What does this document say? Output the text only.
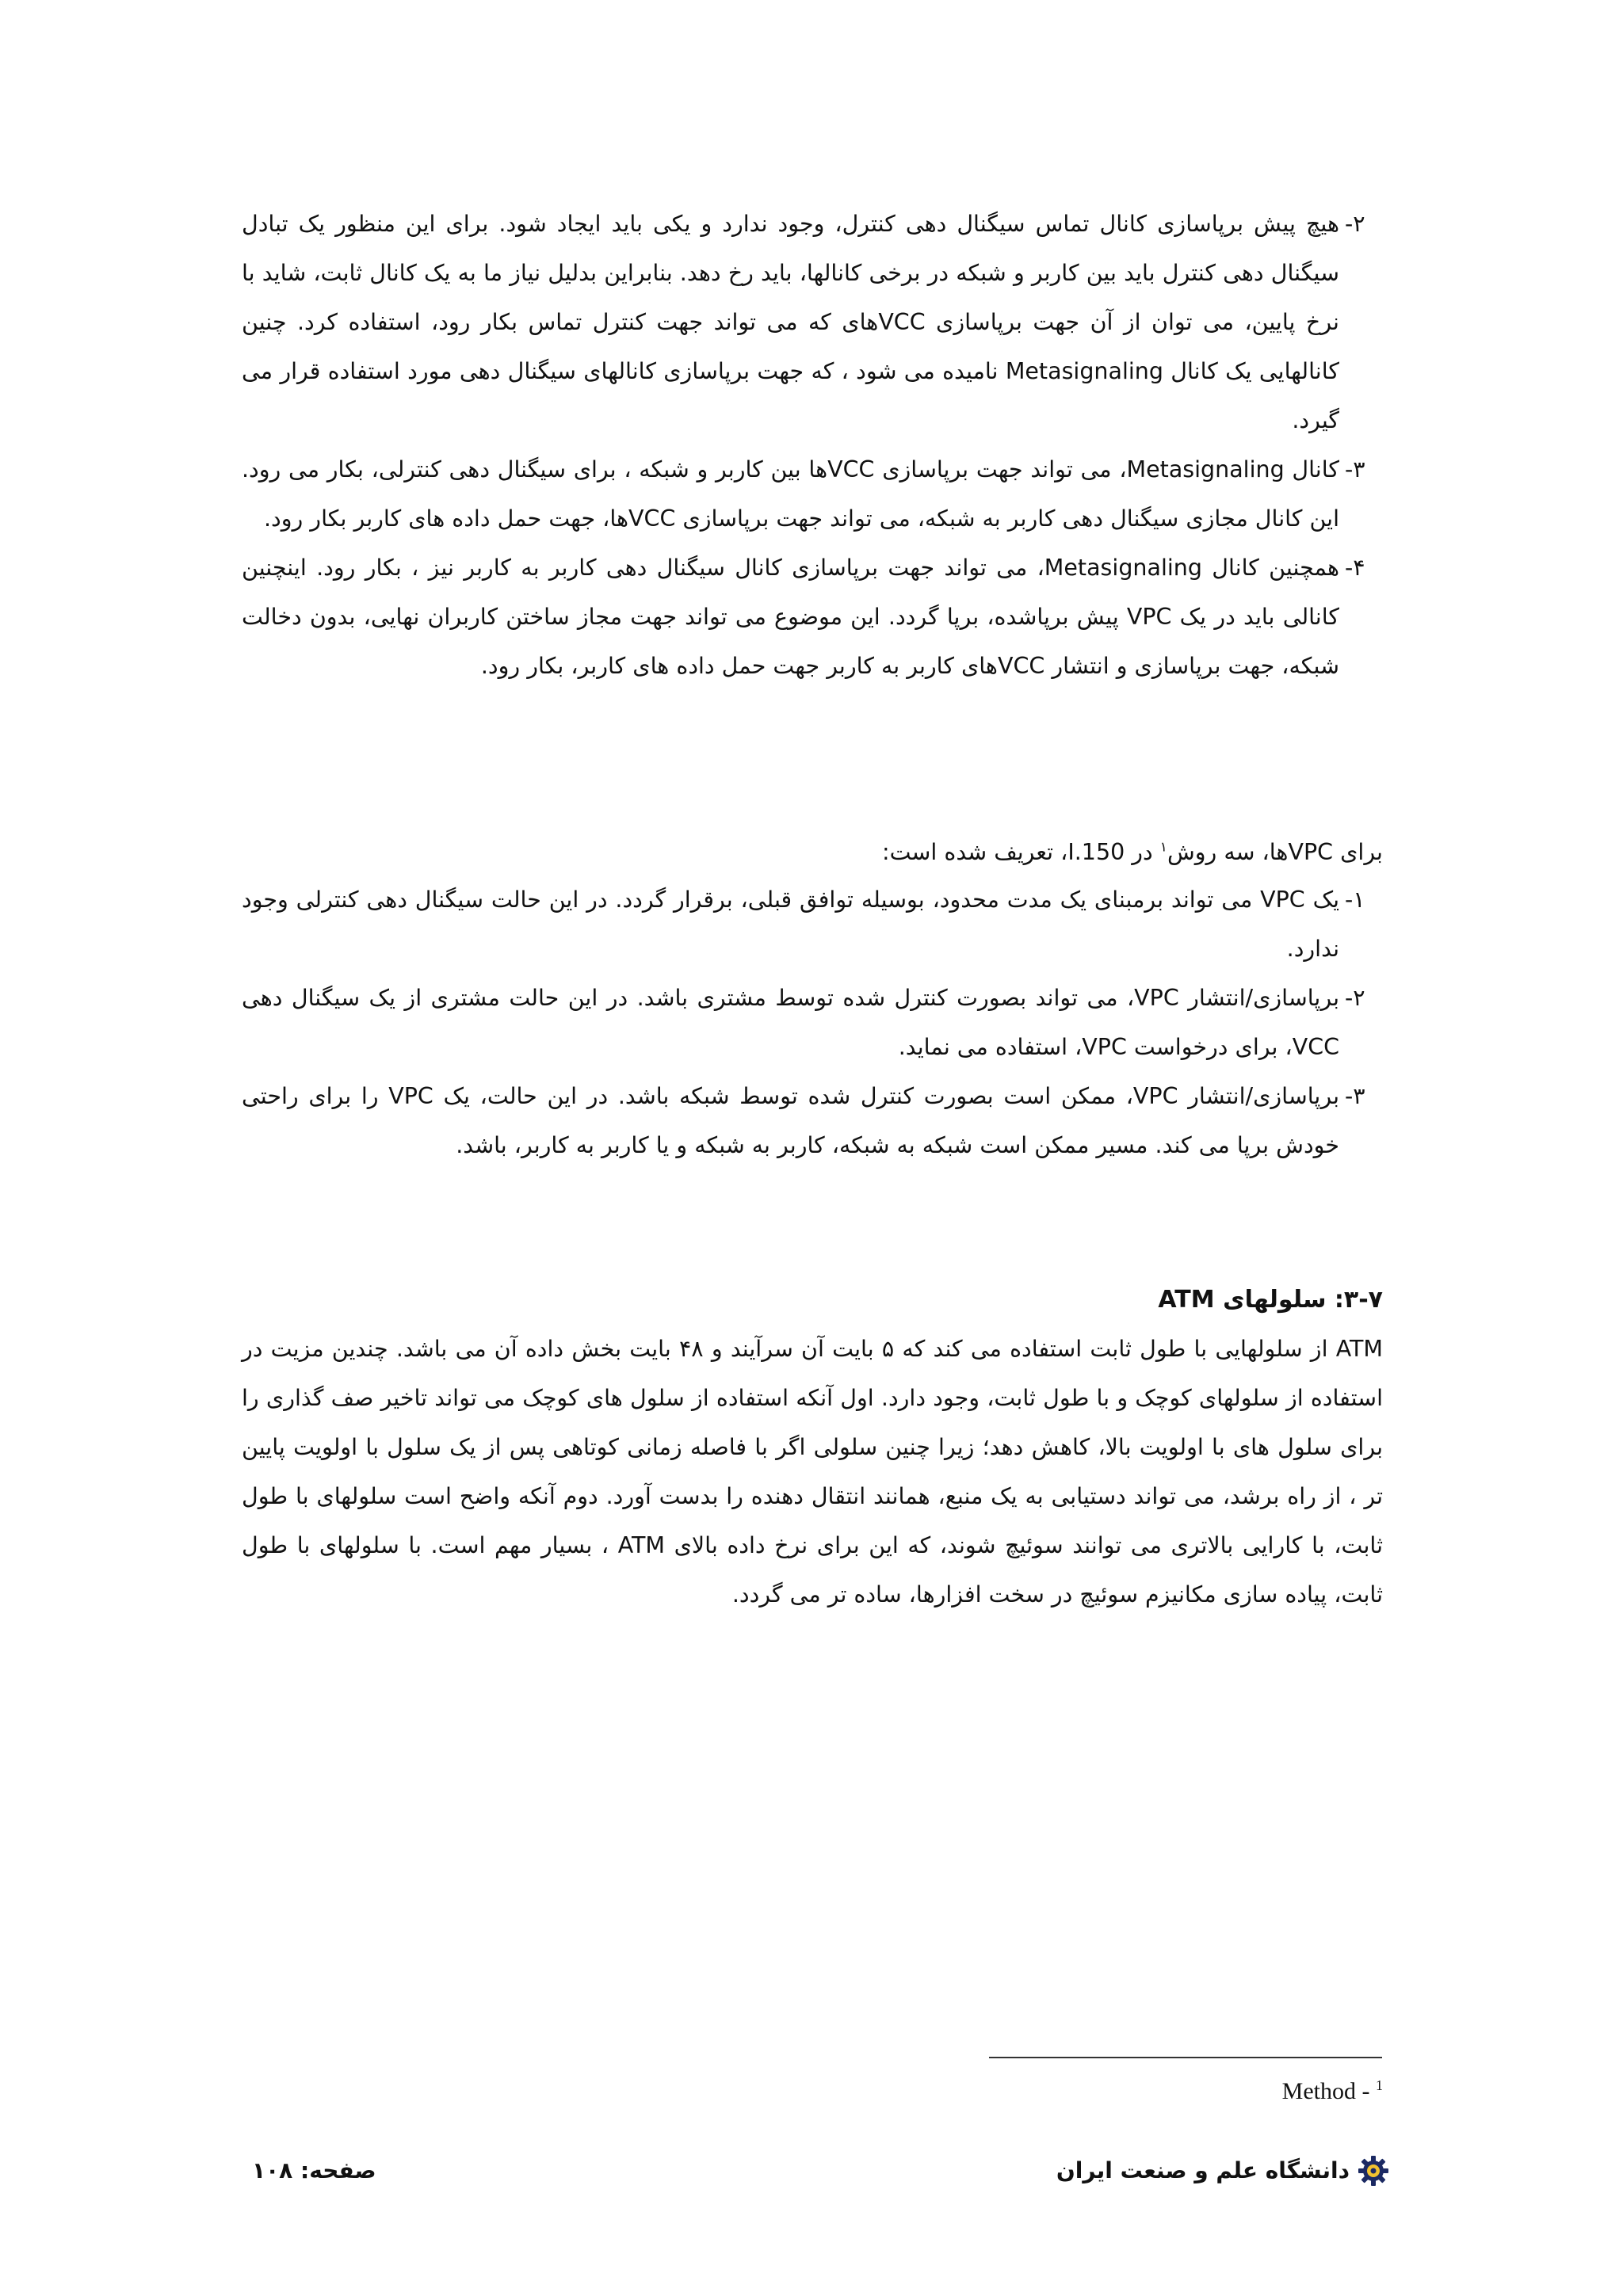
-۲
هیچ پیش برپاسازی کانال تماس سیگنال دهی کنترل، وجود ندارد و یکی باید ایجاد شود. برای این منظور یک تبادل سیگنال دهی کنترل باید بین کاربر و شبکه در برخی کانالها، باید رخ دهد. بنابراین بدلیل نیاز ما به یک کانال ثابت، شاید با نرخ پایین، می توان از آن جهت برپاسازی VCCهای که می تواند جهت کنترل تماس بکار رود، استفاده کرد. چنین کانالهایی یک کانال Metasignaling نامیده می شود ، که جهت برپاسازی کانالهای سیگنال دهی مورد استفاده قرار می گیرد.
-۳
کانال Metasignaling، می تواند جهت برپاسازی VCCها بین کاربر و شبکه ، برای سیگنال دهی کنترلی، بکار می رود. این کانال مجازی سیگنال دهی کاربر به شبکه، می تواند جهت برپاسازی VCCها، جهت حمل داده های کاربر بکار رود.
-۴
همچنین کانال Metasignaling، می تواند جهت برپاسازی کانال سیگنال دهی کاربر به کاربر نیز ، بکار رود. اینچنین کانالی باید در یک VPC پیش برپاشده، برپا گردد. این موضوع می تواند جهت مجاز ساختن کاربران نهایی، بدون دخالت شبکه، جهت برپاسازی و انتشار VCCهای کاربر به کاربر جهت حمل داده های کاربر، بکار رود.
برای VPCها، سه روش$^۱$ در I.150، تعریف شده است:
-۱
یک VPC می تواند برمبنای یک مدت محدود، بوسیله توافق قبلی، برقرار گردد. در این حالت سیگنال دهی کنترلی وجود ندارد.
-۲
برپاسازی/انتشار VPC، می تواند بصورت کنترل شده توسط مشتری باشد. در این حالت مشتری از یک سیگنال دهی VCC، برای درخواست VPC، استفاده می نماید.
-۳
برپاسازی/انتشار VPC، ممکن است بصورت کنترل شده توسط شبکه باشد. در این حالت، یک VPC را برای راحتی خودش برپا می کند. مسیر ممکن است شبکه به شبکه، کاربر به شبکه و یا کاربر به کاربر، باشد.
۳-۷: سلولهای ATM
ATM از سلولهایی با طول ثابت استفاده می کند که ۵ بایت آن سرآیند و ۴۸ بایت بخش داده آن می باشد. چندین مزیت در استفاده از سلولهای کوچک و با طول ثابت، وجود دارد. اول آنکه استفاده از سلول های کوچک می تواند تاخیر صف گذاری را برای سلول های با اولویت بالا، کاهش دهد؛ زیرا چنین سلولی اگر با فاصله زمانی کوتاهی پس از یک سلول با اولویت پایین تر ، از راه برشد، می تواند دستیابی به یک منبع، همانند انتقال دهنده را بدست آورد. دوم آنکه واضح است سلولهای با طول ثابت، با کارایی بالاتری می توانند سوئیچ شوند، که این برای نرخ داده بالای ATM ، بسیار مهم است. با سلولهای با طول ثابت، پیاده سازی مکانیزم سوئیچ در سخت افزارها، ساده تر می گردد.
Method - $^1$
دانشگاه علم و صنعت ایران
صفحه: ۱۰۸
